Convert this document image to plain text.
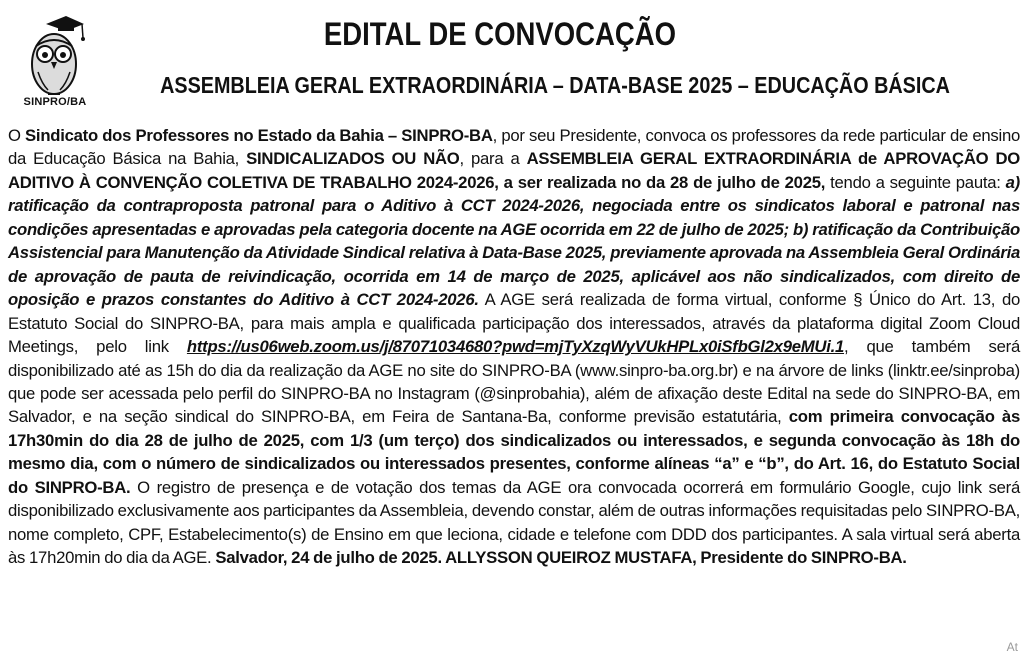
SINPRO/BA
EDITAL DE CONVOCAÇÃO
ASSEMBLEIA GERAL EXTRAORDINÁRIA – DATA-BASE 2025 – EDUCAÇÃO BÁSICA
O Sindicato dos Professores no Estado da Bahia – SINPRO-BA, por seu Presidente, convoca os professores da rede particular de ensino da Educação Básica na Bahia, SINDICALIZADOS OU NÃO, para a ASSEMBLEIA GERAL EXTRAORDINÁRIA de APROVAÇÃO DO ADITIVO À CONVENÇÃO COLETIVA DE TRABALHO 2024-2026, a ser realizada no da 28 de julho de 2025, tendo a seguinte pauta: a) ratificação da contraproposta patronal para o Aditivo à CCT 2024-2026, negociada entre os sindicatos laboral e patronal nas condições apresentadas e aprovadas pela categoria docente na AGE ocorrida em 22 de julho de 2025; b) ratificação da Contribuição Assistencial para Manutenção da Atividade Sindical relativa à Data-Base 2025, previamente aprovada na Assembleia Geral Ordinária de aprovação de pauta de reivindicação, ocorrida em 14 de março de 2025, aplicável aos não sindicalizados, com direito de oposição e prazos constantes do Aditivo à CCT 2024-2026. A AGE será realizada de forma virtual, conforme § Único do Art. 13, do Estatuto Social do SINPRO-BA, para mais ampla e qualificada participação dos interessados, através da plataforma digital Zoom Cloud Meetings, pelo link https://us06web.zoom.us/j/87071034680?pwd=mjTyXzqWyVUkHPLx0iSfbGl2x9eMUi.1, que também será disponibilizado até as 15h do dia da realização da AGE no site do SINPRO-BA (www.sinpro-ba.org.br) e na árvore de links (linktr.ee/sinproba) que pode ser acessada pelo perfil do SINPRO-BA no Instagram (@sinprobahia), além de afixação deste Edital na sede do SINPRO-BA, em Salvador, e na seção sindical do SINPRO-BA, em Feira de Santana-Ba, conforme previsão estatutária, com primeira convocação às 17h30min do dia 28 de julho de 2025, com 1/3 (um terço) dos sindicalizados ou interessados, e segunda convocação às 18h do mesmo dia, com o número de sindicalizados ou interessados presentes, conforme alíneas “a” e “b”, do Art. 16, do Estatuto Social do SINPRO-BA. O registro de presença e de votação dos temas da AGE ora convocada ocorrerá em formulário Google, cujo link será disponibilizado exclusivamente aos participantes da Assembleia, devendo constar, além de outras informações requisitadas pelo SINPRO-BA, nome completo, CPF, Estabelecimento(s) de Ensino em que leciona, cidade e telefone com DDD dos participantes. A sala virtual será aberta às 17h20min do dia da AGE. Salvador, 24 de julho de 2025. ALLYSSON QUEIROZ MUSTAFA, Presidente do SINPRO-BA.
At
